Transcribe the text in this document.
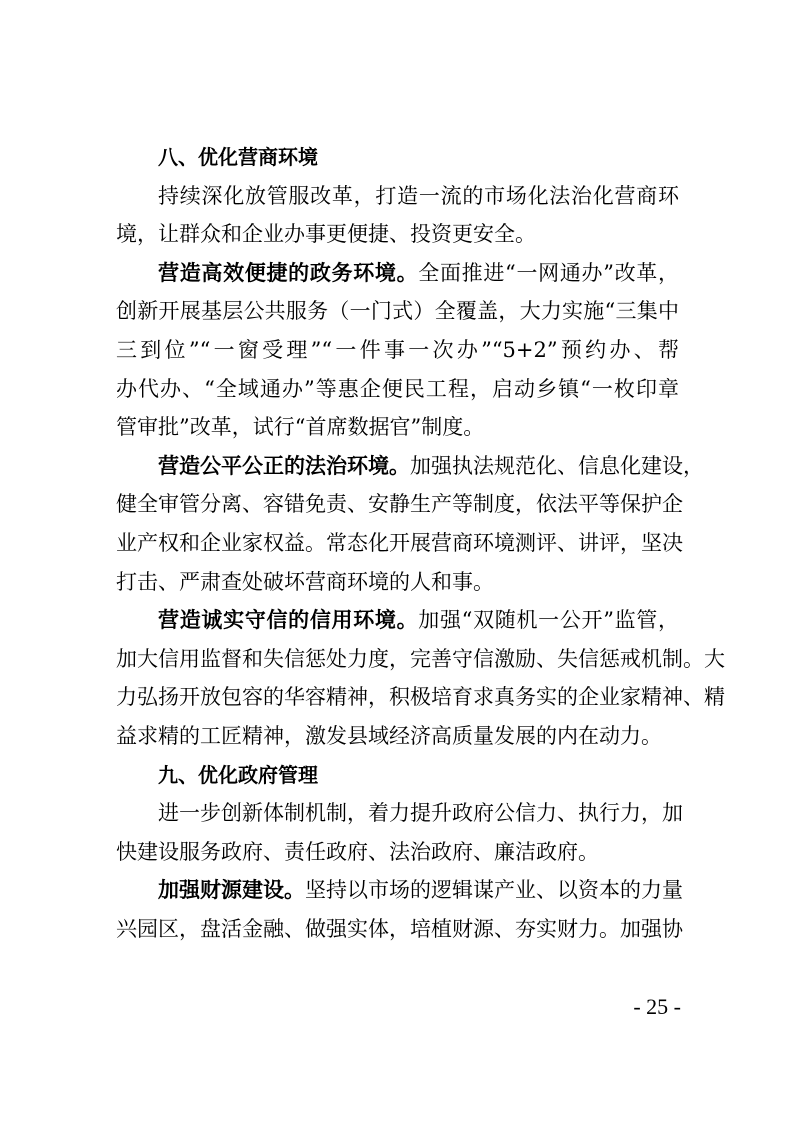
八、优化营商环境
持续深化放管服改革，打造一流的市场化法治化营商环
境，让群众和企业办事更便捷、投资更安全。
营造高效便捷的政务环境。全面推进“一网通办”改革，
创新开展基层公共服务（一门式）全覆盖，大力实施“三集中
三到位”“一窗受理”“一件事一次办”“5+2”预约办、帮
办代办、“全域通办”等惠企便民工程，启动乡镇“一枚印章
管审批”改革，试行“首席数据官”制度。
营造公平公正的法治环境。加强执法规范化、信息化建设，
健全审管分离、容错免责、安静生产等制度，依法平等保护企
业产权和企业家权益。常态化开展营商环境测评、讲评，坚决
打击、严肃查处破坏营商环境的人和事。
营造诚实守信的信用环境。加强“双随机一公开”监管，
加大信用监督和失信惩处力度，完善守信激励、失信惩戒机制。大
力弘扬开放包容的华容精神，积极培育求真务实的企业家精神、精
益求精的工匠精神，激发县域经济高质量发展的内在动力。
九、优化政府管理
进一步创新体制机制，着力提升政府公信力、执行力，加
快建设服务政府、责任政府、法治政府、廉洁政府。
加强财源建设。坚持以市场的逻辑谋产业、以资本的力量
兴园区，盘活金融、做强实体，培植财源、夯实财力。加强协
- 25 -
